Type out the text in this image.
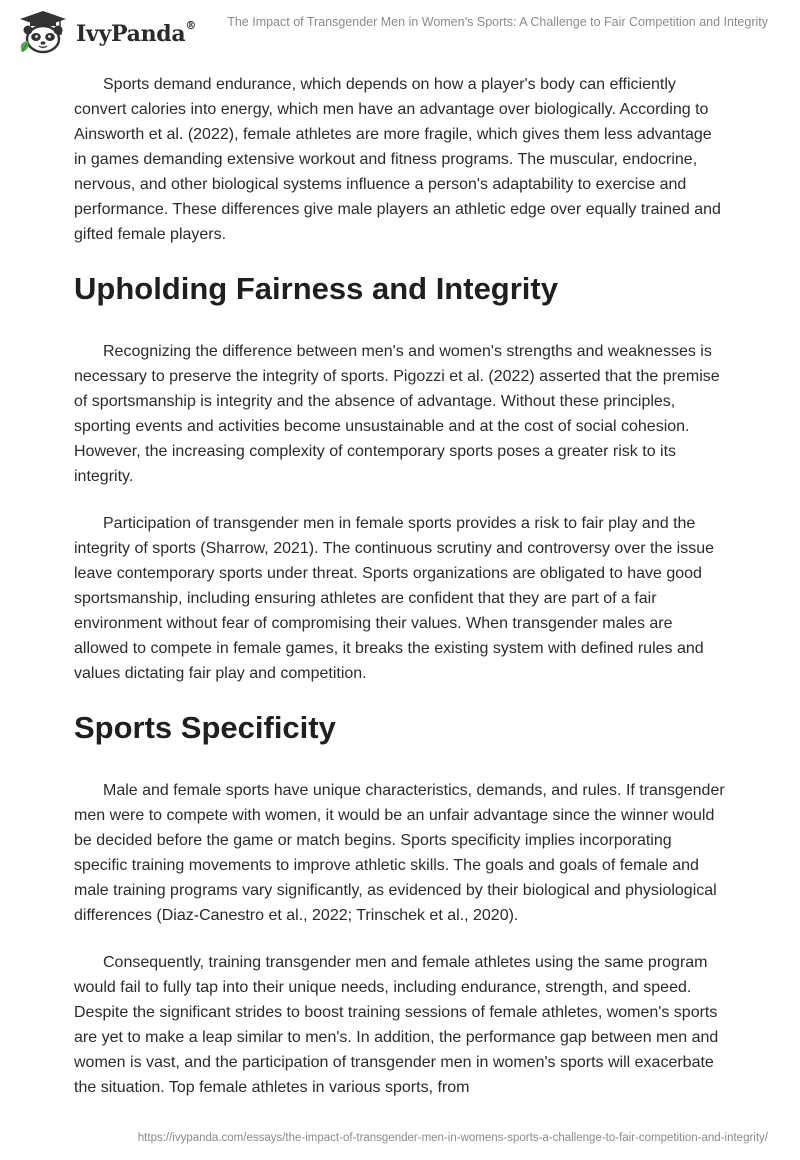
IvyPanda®	The Impact of Transgender Men in Women’s Sports: A Challenge to Fair Competition and Integrity

Sports demand endurance, which depends on how a player's body can efficiently convert calories into energy, which men have an advantage over biologically. According to Ainsworth et al. (2022), female athletes are more fragile, which gives them less advantage in games demanding extensive workout and fitness programs. The muscular, endocrine, nervous, and other biological systems influence a person's adaptability to exercise and performance. These differences give male players an athletic edge over equally trained and gifted female players.

Upholding Fairness and Integrity

Recognizing the difference between men's and women's strengths and weaknesses is necessary to preserve the integrity of sports. Pigozzi et al. (2022) asserted that the premise of sportsmanship is integrity and the absence of advantage. Without these principles, sporting events and activities become unsustainable and at the cost of social cohesion. However, the increasing complexity of contemporary sports poses a greater risk to its integrity.

Participation of transgender men in female sports provides a risk to fair play and the integrity of sports (Sharrow, 2021). The continuous scrutiny and controversy over the issue leave contemporary sports under threat. Sports organizations are obligated to have good sportsmanship, including ensuring athletes are confident that they are part of a fair environment without fear of compromising their values. When transgender males are allowed to compete in female games, it breaks the existing system with defined rules and values dictating fair play and competition.

Sports Specificity

Male and female sports have unique characteristics, demands, and rules. If transgender men were to compete with women, it would be an unfair advantage since the winner would be decided before the game or match begins. Sports specificity implies incorporating specific training movements to improve athletic skills. The goals and goals of female and male training programs vary significantly, as evidenced by their biological and physiological differences (Diaz-Canestro et al., 2022; Trinschek et al., 2020).

Consequently, training transgender men and female athletes using the same program would fail to fully tap into their unique needs, including endurance, strength, and speed. Despite the significant strides to boost training sessions of female athletes, women's sports are yet to make a leap similar to men's. In addition, the performance gap between men and women is vast, and the participation of transgender men in women's sports will exacerbate the situation. Top female athletes in various sports, from

https://ivypanda.com/essays/the-impact-of-transgender-men-in-womens-sports-a-challenge-to-fair-competition-and-integrity/
